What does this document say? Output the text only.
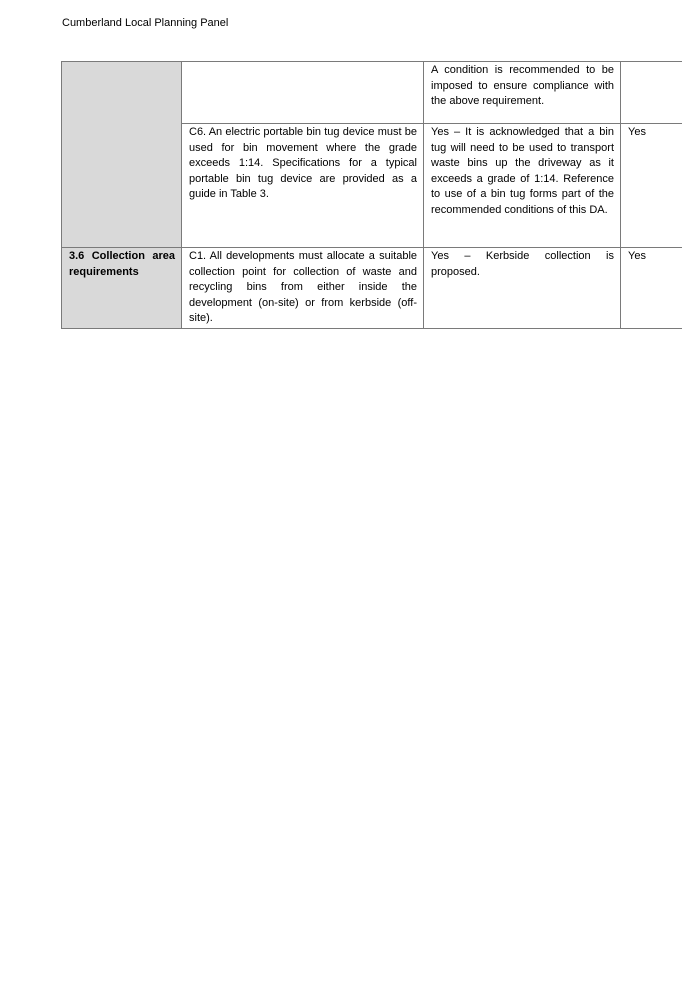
Cumberland Local Planning Panel
		A condition is recommended to be imposed to ensure compliance with the above requirement.	
	C6. An electric portable bin tug device must be used for bin movement where the grade exceeds 1:14. Specifications for a typical portable bin tug device are provided as a guide in Table 3.	Yes – It is acknowledged that a bin tug will need to be used to transport waste bins up the driveway as it exceeds a grade of 1:14. Reference to use of a bin tug forms part of the recommended conditions of this DA.	Yes
3.6 Collection area requirements	C1. All developments must allocate a suitable collection point for collection of waste and recycling bins from either inside the development (on-site) or from kerbside (off-site).	Yes – Kerbside collection is proposed.	Yes
